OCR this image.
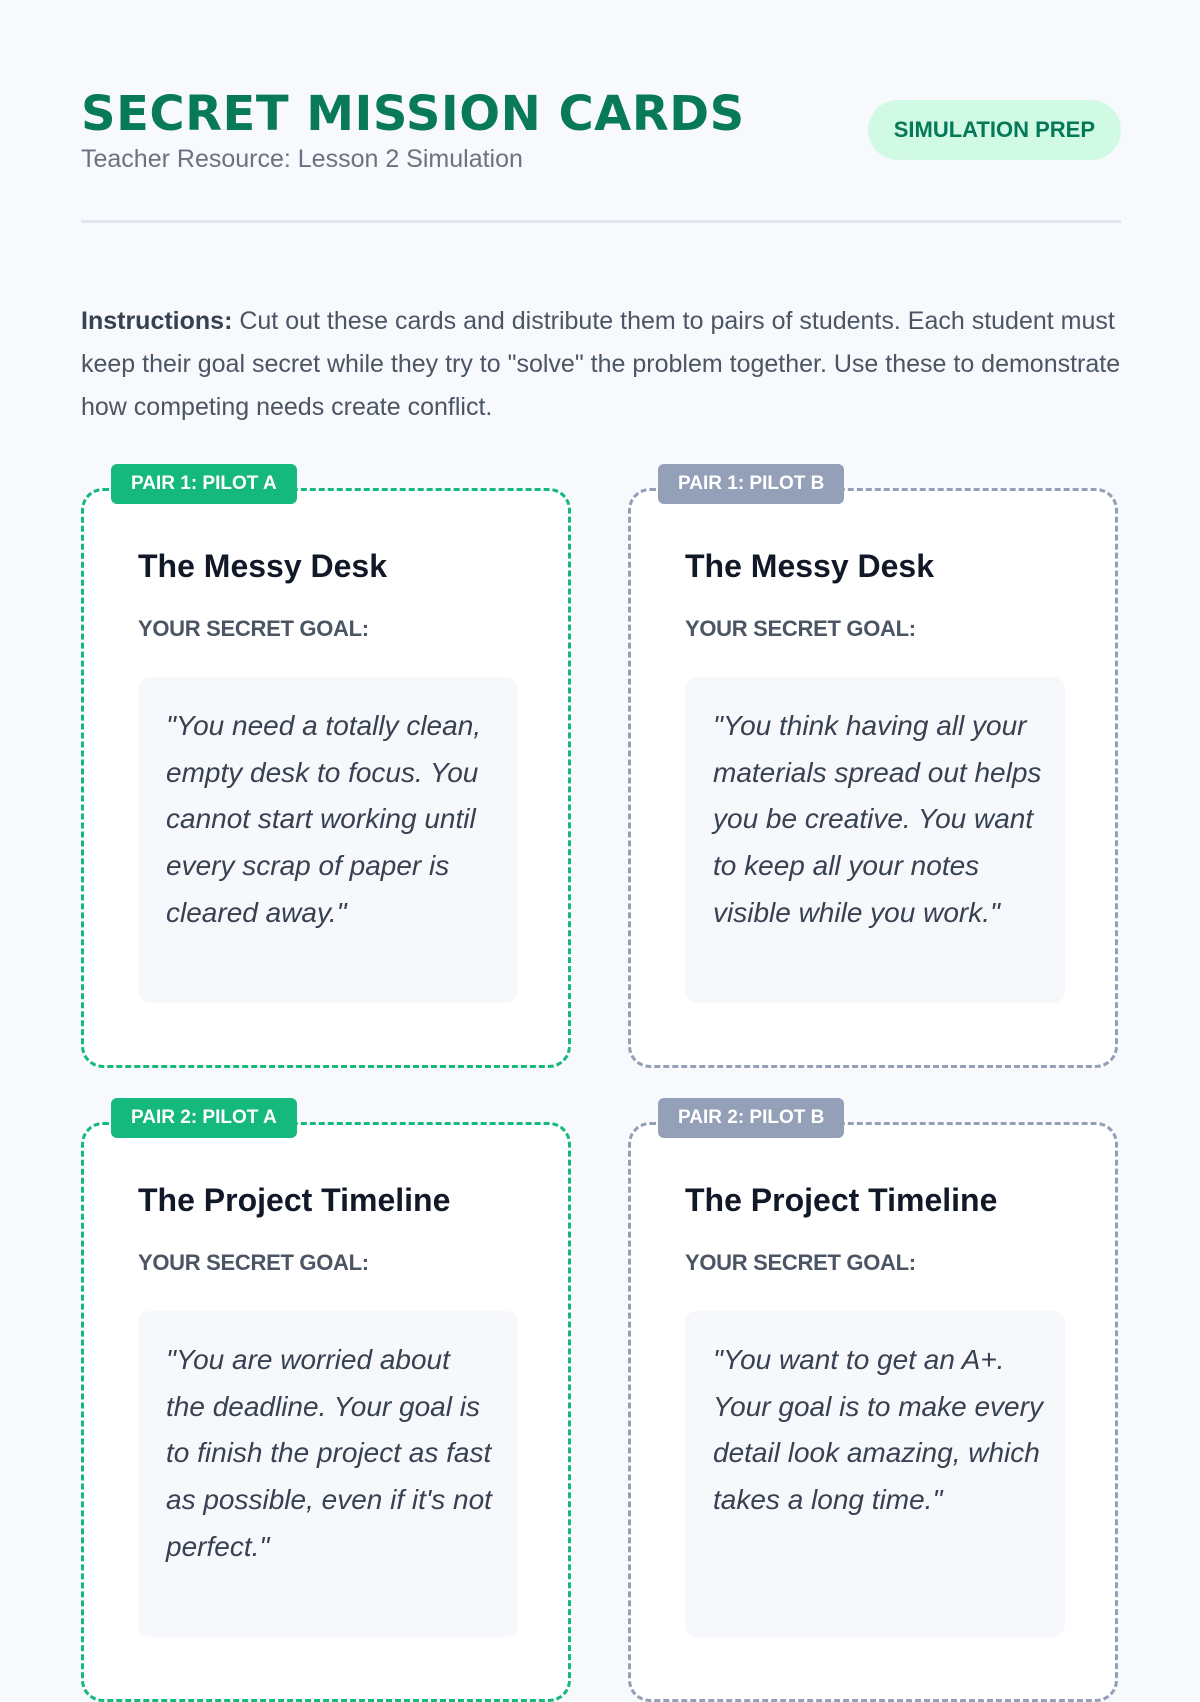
SECRET MISSION CARDS
Teacher Resource: Lesson 2 Simulation
SIMULATION PREP

Instructions: Cut out these cards and distribute them to pairs of students. Each student must keep their goal secret while they try to "solve" the problem together. Use these to demonstrate how competing needs create conflict.

PAIR 1: PILOT A
The Messy Desk
YOUR SECRET GOAL:

"You need a totally clean, empty desk to focus. You cannot start working until every scrap of paper is cleared away."

PAIR 1: PILOT B
The Messy Desk
YOUR SECRET GOAL:

"You think having all your materials spread out helps you be creative. You want to keep all your notes visible while you work."

PAIR 2: PILOT A
The Project Timeline
YOUR SECRET GOAL:

"You are worried about the deadline. Your goal is to finish the project as fast as possible, even if it's not perfect."

PAIR 2: PILOT B
The Project Timeline
YOUR SECRET GOAL:

"You want to get an A+. Your goal is to make every detail look amazing, which takes a long time."
